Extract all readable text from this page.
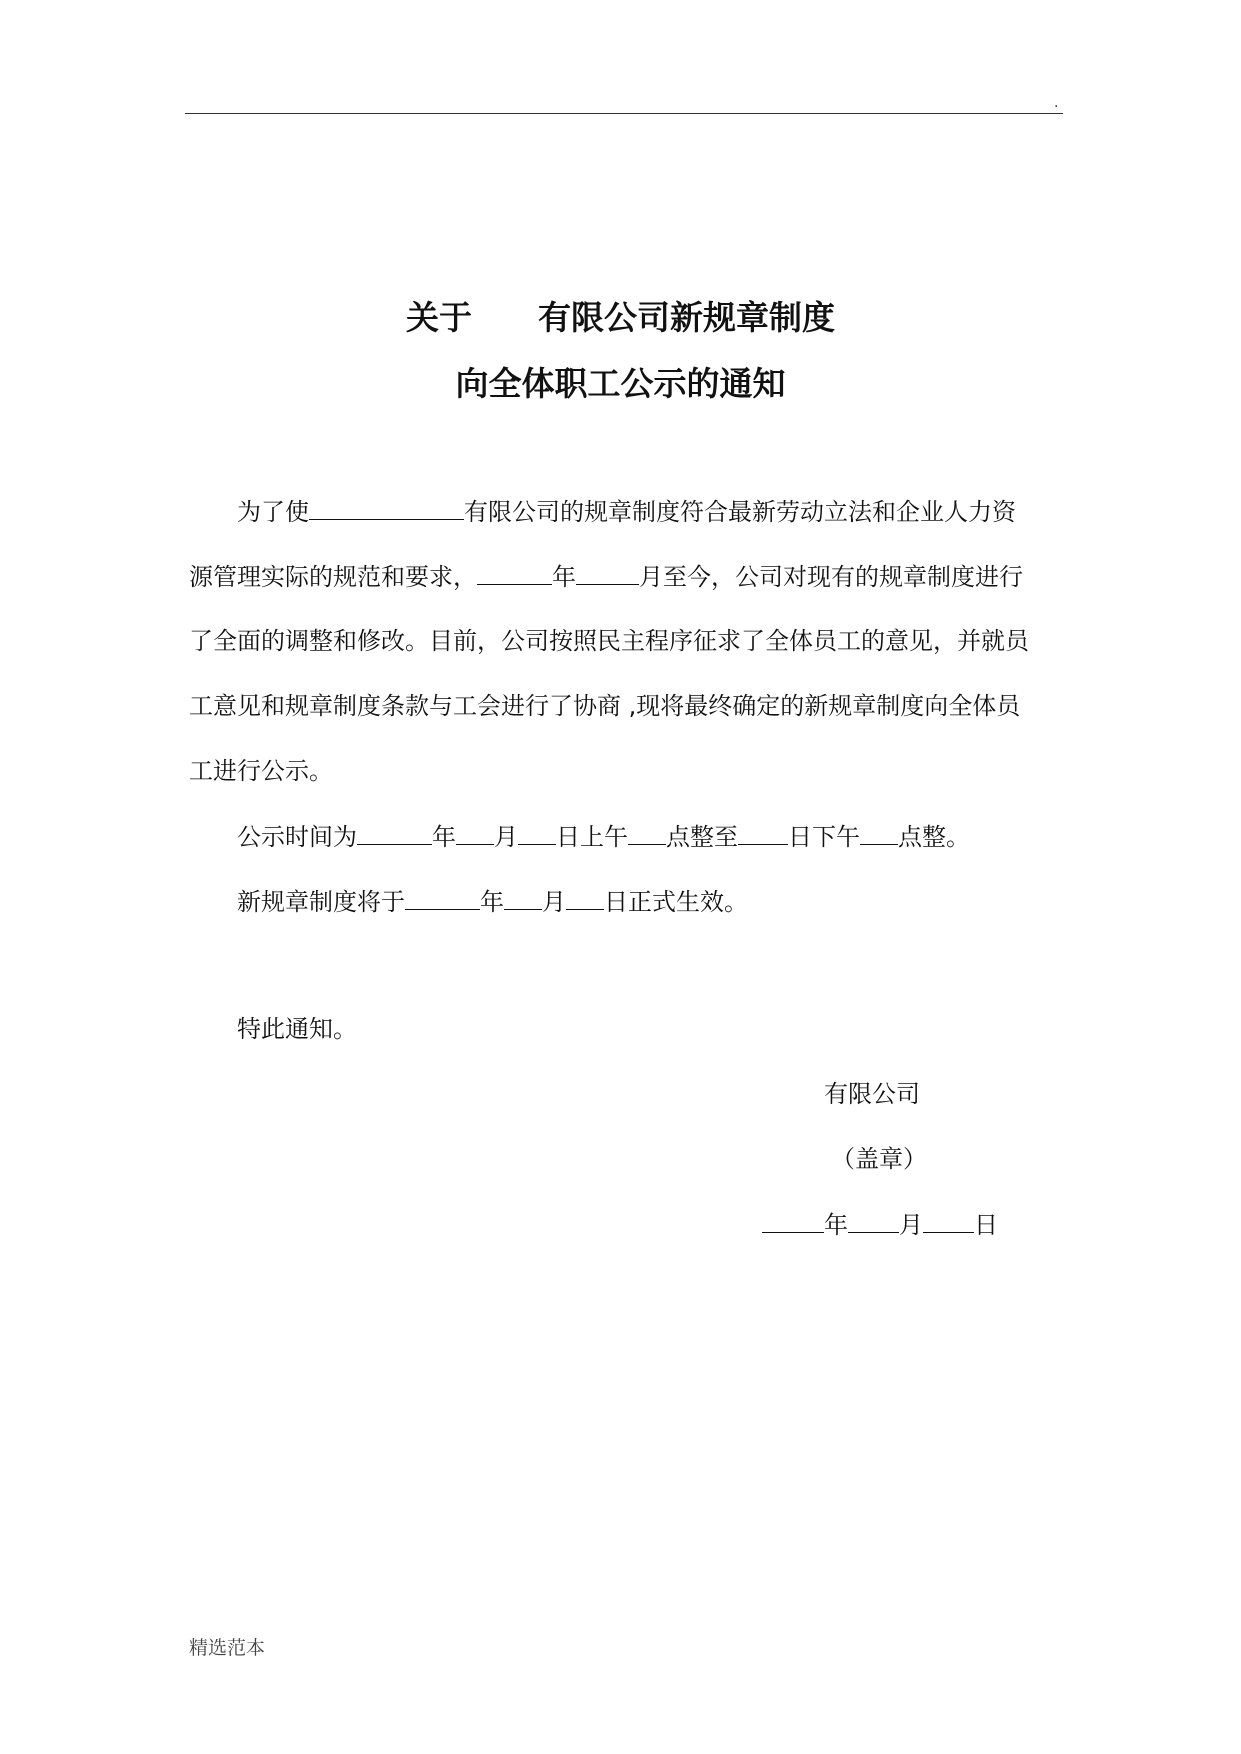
.
关于 有限公司新规章制度
向全体职工公示的通知
为了使	有限公司的规章制度符合最新劳动立法和企业人力资
源管理实际的规范和要求，	年	月至今，公司对现有的规章制度进行
了全面的调整和修改。目前，公司按照民主程序征求了全体员工的意见，并就员
工意见和规章制度条款与工会进行了协商 ,现将最终确定的新规章制度向全体员
工进行公示。
公示时间为	年 月 日上午 点整至 日下午 点整。
新规章制度将于	年 月 日正式生效。
特此通知。
有限公司
（盖章）
年 月 日
精选范本
